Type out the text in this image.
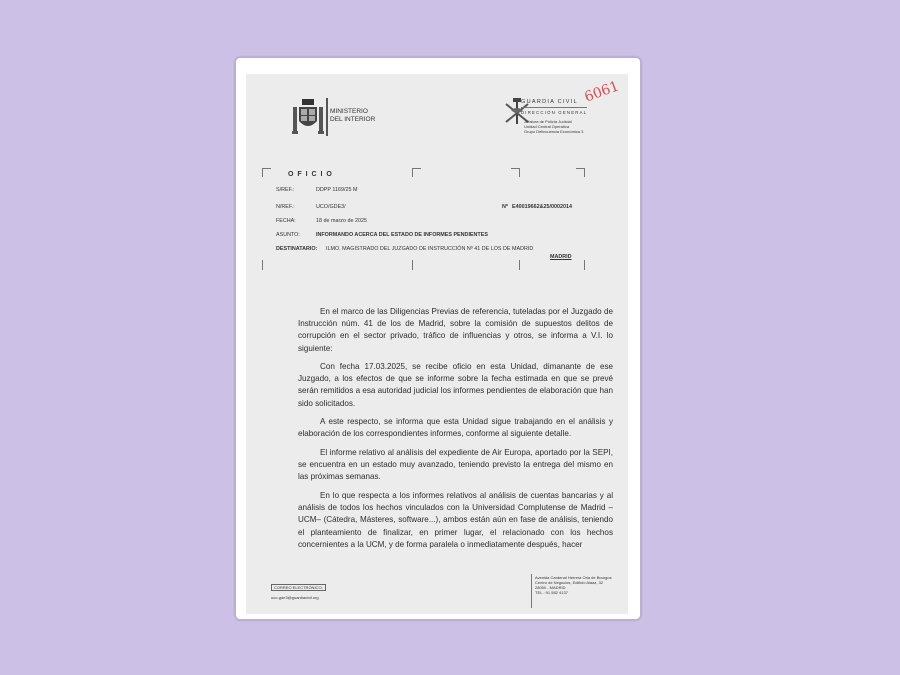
MINISTERIO
DEL INTERIOR
GUARDIA CIVIL
DIRECCIÓN GENERAL
Jefatura de Policía Judicial
Unidad Central Operativa
Grupo Delincuencia Económica 3
6061
O F I C I O
S/REF.:	DDPP 1169/25 M
N/REF.:	UCO/GDE3/	Nº E40019662&25/0002014
FECHA:	18 de marzo de 2025
ASUNTO:	INFORMANDO ACERCA DEL ESTADO DE INFORMES PENDIENTES
DESTINATARIO: ILMO. MAGISTRADO DEL JUZGADO DE INSTRUCCIÓN Nº 41 DE LOS DE MADRID
MADRID

En el marco de las Diligencias Previas de referencia, tuteladas por el Juzgado de Instrucción núm. 41 de los de Madrid, sobre la comisión de supuestos delitos de corrupción en el sector privado, tráfico de influencias y otros, se informa a V.I. lo siguiente:

Con fecha 17.03.2025, se recibe oficio en esta Unidad, dimanante de ese Juzgado, a los efectos de que se informe sobre la fecha estimada en que se prevé serán remitidos a esa autoridad judicial los informes pendientes de elaboración que han sido solicitados.

A este respecto, se informa que esta Unidad sigue trabajando en el análisis y elaboración de los correspondientes informes, conforme al siguiente detalle.

El informe relativo al análisis del expediente de Air Europa, aportado por la SEPI, se encuentra en un estado muy avanzado, teniendo previsto la entrega del mismo en las próximas semanas.

En lo que respecta a los informes relativos al análisis de cuentas bancarias y al análisis de todos los hechos vinculados con la Universidad Complutense de Madrid –UCM– (Cátedra, Másteres, software...), ambos están aún en fase de análisis, teniendo el planteamiento de finalizar, en primer lugar, el relacionado con los hechos concernientes a la UCM, y de forma paralela o inmediatamente después, hacer

CORREO ELECTRÓNICO:
uco-gde3@guardiacivil.org
Avenida Cardenal Herrera Oria de Bourgos
Centro de Negocios, Edificio Alaaz, 32
28050 - MADRID
TEL.: 91 582 4137
